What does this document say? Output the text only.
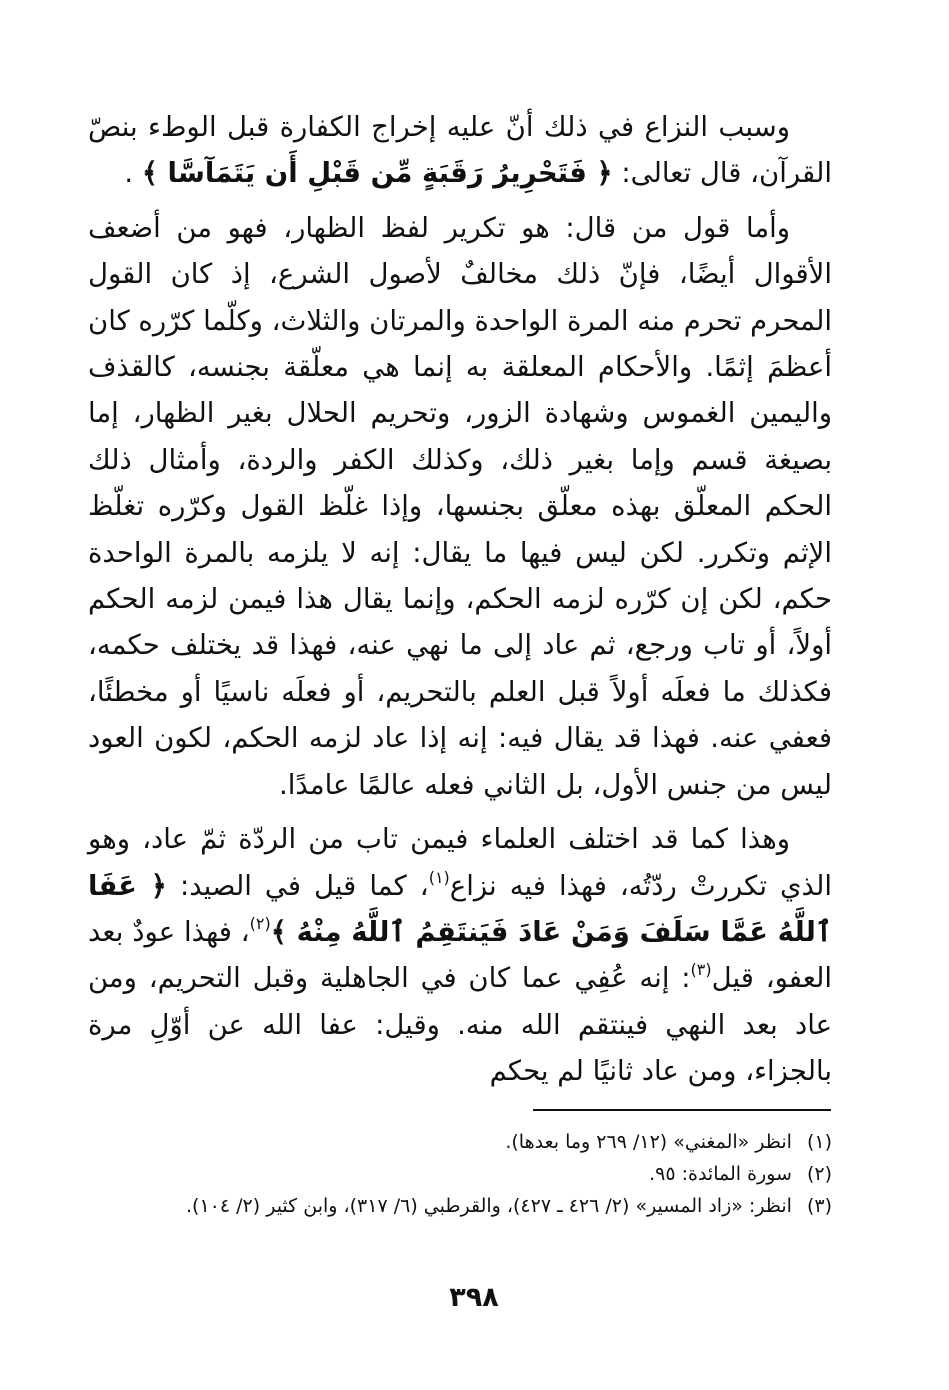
وسبب النزاع في ذلك أنّ عليه إخراج الكفارة قبل الوطء بنصّ القرآن، قال تعالى: ﴿ فَتَحْرِيرُ رَقَبَةٍ مِّن قَبْلِ أَن يَتَمَآسَّا ﴾ .

وأما قول من قال: هو تكرير لفظ الظهار، فهو من أضعف الأقوال أيضًا، فإنّ ذلك مخالفٌ لأصول الشرع، إذ كان القول المحرم تحرم منه المرة الواحدة والمرتان والثلاث، وكلّما كرّره كان أعظمَ إثمًا. والأحكام المعلقة به إنما هي معلّقة بجنسه، كالقذف واليمين الغموس وشهادة الزور، وتحريم الحلال بغير الظهار، إما بصيغة قسم وإما بغير ذلك، وكذلك الكفر والردة، وأمثال ذلك الحكم المعلّق بهذه معلّق بجنسها، وإذا غلّظ القول وكرّره تغلّظ الإثم وتكرر. لكن ليس فيها ما يقال: إنه لا يلزمه بالمرة الواحدة حكم، لكن إن كرّره لزمه الحكم، وإنما يقال هذا فيمن لزمه الحكم أولاً، أو تاب ورجع، ثم عاد إلى ما نهي عنه، فهذا قد يختلف حكمه، فكذلك ما فعلَه أولاً قبل العلم بالتحريم، أو فعلَه ناسيًا أو مخطئًا، فعفي عنه. فهذا قد يقال فيه: إنه إذا عاد لزمه الحكم، لكون العود ليس من جنس الأول، بل الثاني فعله عالمًا عامدًا.

وهذا كما قد اختلف العلماء فيمن تاب من الردّة ثمّ عاد، وهو الذي تكررتْ ردّتُه، فهذا فيه نزاع$^{(١)}$، كما قيل في الصيد: ﴿ عَفَا ٱللَّهُ عَمَّا سَلَفَ وَمَنْ عَادَ فَيَنتَقِمُ ٱللَّهُ مِنْهُ ﴾$^{(٢)}$، فهذا عودٌ بعد العفو، قيل$^{(٣)}$: إنه عُفِي عما كان في الجاهلية وقبل التحريم، ومن عاد بعد النهي فينتقم الله منه. وقيل: عفا الله عن أوّلِ مرة بالجزاء، ومن عاد ثانيًا لم يحكم

(١) انظر «المغني» (١٢/ ٢٦٩ وما بعدها).
(٢) سورة المائدة: ٩٥.
(٣) انظر: «زاد المسير» (٢/ ٤٢٦ ـ ٤٢٧)، والقرطبي (٦/ ٣١٧)، وابن كثير (٢/ ١٠٤).
٣٩٨
